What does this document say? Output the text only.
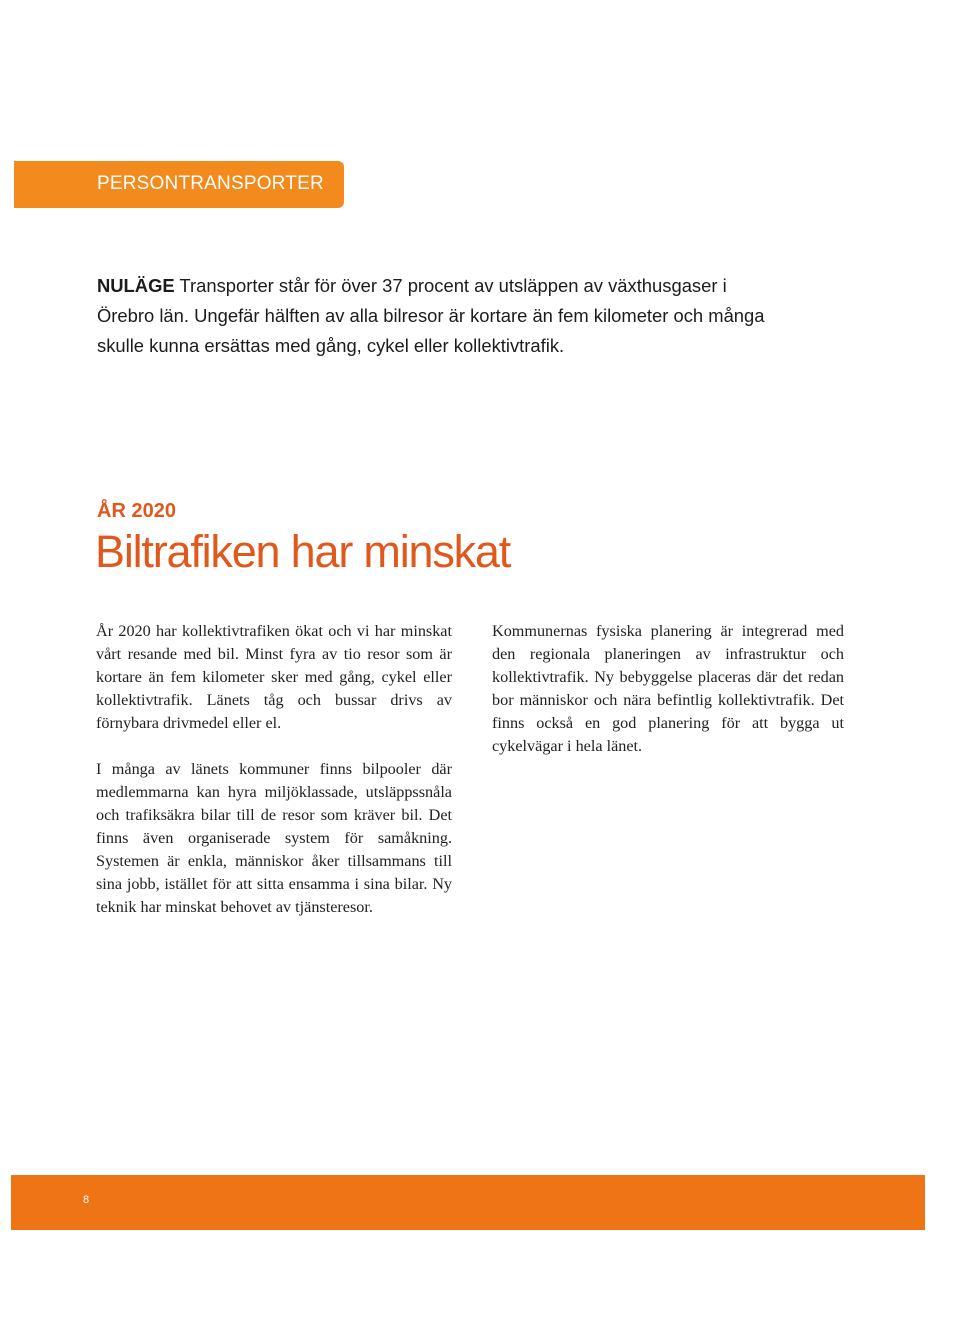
PERSONTRANSPORTER

NULÄGE Transporter står för över 37 procent av utsläppen av växthusgaser i Örebro län. Ungefär hälften av alla bilresor är kortare än fem kilometer och många skulle kunna ersättas med gång, cykel eller kollektivtrafik.

ÅR 2020
Biltrafiken har minskat

År 2020 har kollektivtrafiken ökat och vi har minskat vårt resande med bil. Minst fyra av tio resor som är kortare än fem kilometer sker med gång, cykel eller kollektivtrafik. Länets tåg och bussar drivs av förnybara drivmedel eller el.

I många av länets kommuner finns bilpooler där medlemmarna kan hyra miljöklassade, utsläppssnåla och trafiksäkra bilar till de resor som kräver bil. Det finns även organiserade system för samåkning. Systemen är enkla, människor åker tillsammans till sina jobb, istället för att sitta ensamma i sina bilar. Ny teknik har minskat behovet av tjänsteresor.

Kommunernas fysiska planering är integrerad med den regionala planeringen av infrastruktur och kollektivtrafik. Ny bebyggelse placeras där det redan bor människor och nära befintlig kollektivtrafik. Det finns också en god planering för att bygga ut cykelvägar i hela länet.

8
